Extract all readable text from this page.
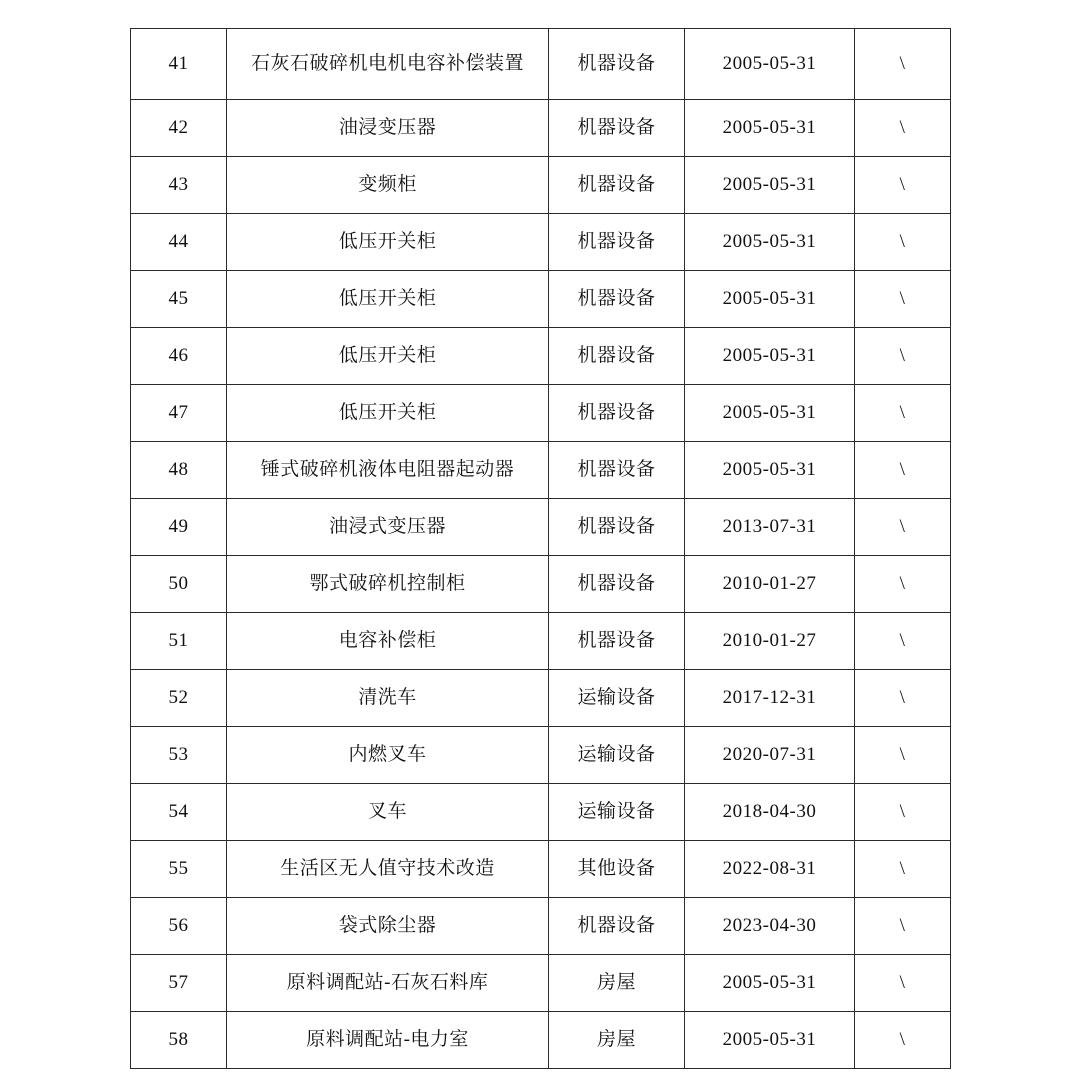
41	石灰石破碎机电机电容补偿装置	机器设备	2005-05-31	\
42	油浸变压器	机器设备	2005-05-31	\
43	变频柜	机器设备	2005-05-31	\
44	低压开关柜	机器设备	2005-05-31	\
45	低压开关柜	机器设备	2005-05-31	\
46	低压开关柜	机器设备	2005-05-31	\
47	低压开关柜	机器设备	2005-05-31	\
48	锤式破碎机液体电阻器起动器	机器设备	2005-05-31	\
49	油浸式变压器	机器设备	2013-07-31	\
50	鄂式破碎机控制柜	机器设备	2010-01-27	\
51	电容补偿柜	机器设备	2010-01-27	\
52	清洗车	运输设备	2017-12-31	\
53	内燃叉车	运输设备	2020-07-31	\
54	叉车	运输设备	2018-04-30	\
55	生活区无人值守技术改造	其他设备	2022-08-31	\
56	袋式除尘器	机器设备	2023-04-30	\
57	原料调配站-石灰石料库	房屋	2005-05-31	\
58	原料调配站-电力室	房屋	2005-05-31	\
